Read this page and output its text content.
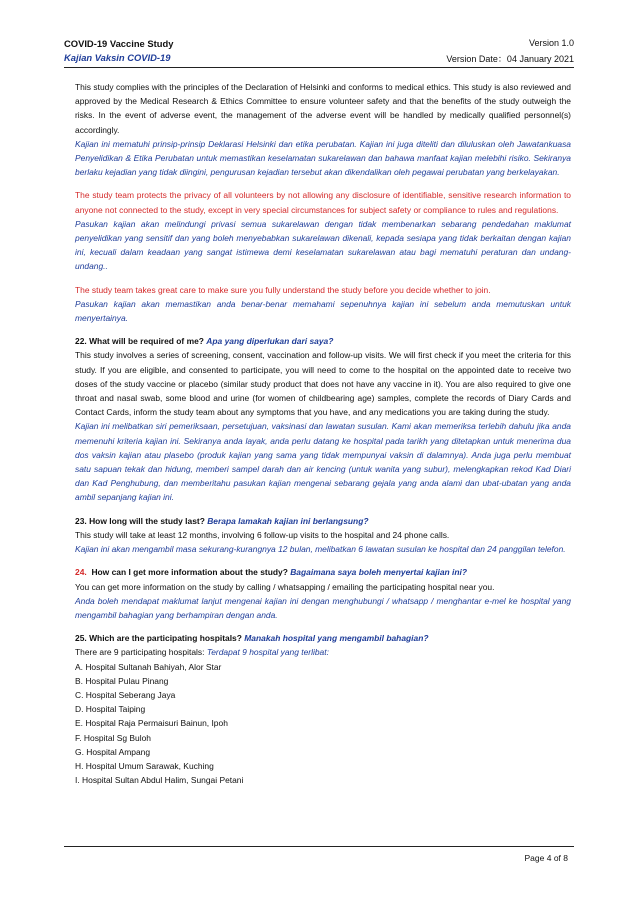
COVID-19 Vaccine Study
Kajian Vaksin COVID-19
Version 1.0
Version Date：04 January 2021

This study complies with the principles of the Declaration of Helsinki and conforms to medical ethics. This study is also reviewed and approved by the Medical Research & Ethics Committee to ensure volunteer safety and that the benefits of the study outweigh the risks. In the event of adverse event, the management of the adverse event will be handled by medically qualified personnel(s) accordingly.

Kajian ini mematuhi prinsip-prinsip Deklarasi Helsinki dan etika perubatan. Kajian ini juga diteliti dan diluluskan oleh Jawatankuasa Penyelidikan & Etika Perubatan untuk memastikan keselamatan sukarelawan dan bahawa manfaat kajian melebihi risiko. Sekiranya berlaku kejadian yang tidak diingini, pengurusan kejadian tersebut akan dikendalikan oleh pegawai perubatan yang berkelayakan.

The study team protects the privacy of all volunteers by not allowing any disclosure of identifiable, sensitive research information to anyone not connected to the study, except in very special circumstances for subject safety or compliance to rules and regulations.

Pasukan kajian akan melindungi privasi semua sukarelawan dengan tidak membenarkan sebarang pendedahan maklumat penyelidikan yang sensitif dan yang boleh menyebabkan sukarelawan dikenali, kepada sesiapa yang tidak berkaitan dengan kajian ini, kecuali dalam keadaan yang sangat istimewa demi keselamatan sukarelawan atau bagi mematuhi peraturan dan undang-undang..

The study team takes great care to make sure you fully understand the study before you decide whether to join.

Pasukan kajian akan memastikan anda benar-benar memahami sepenuhnya kajian ini sebelum anda memutuskan untuk menyertainya.

22. What will be required of me? Apa yang diperlukan dari saya?

This study involves a series of screening, consent, vaccination and follow-up visits. We will first check if you meet the criteria for this study. If you are eligible, and consented to participate, you will need to come to the hospital on the appointed date to receive two doses of the study vaccine or placebo (similar study product that does not have any vaccine in it). You are also required to give one throat and nasal swab, some blood and urine (for women of childbearing age) samples, complete the records of Diary Cards and Contact Cards, inform the study team about any symptoms that you have, and any medications you are taking during the study.

Kajian ini melibatkan siri pemeriksaan, persetujuan, vaksinasi dan lawatan susulan. Kami akan memeriksa terlebih dahulu jika anda memenuhi kriteria kajian ini. Sekiranya anda layak, anda perlu datang ke hospital pada tarikh yang ditetapkan untuk menerima dua dos vaksin kajian atau plasebo (produk kajian yang sama yang tidak mempunyai vaksin di dalamnya). Anda juga perlu membuat satu sapuan tekak dan hidung, memberi sampel darah dan air kencing (untuk wanita yang subur), melengkapkan rekod Kad Diari dan Kad Penghubung, dan memberitahu pasukan kajian mengenai sebarang gejala yang anda alami dan ubat-ubatan yang anda ambil sepanjang kajian ini.

23. How long will the study last? Berapa lamakah kajian ini berlangsung?

This study will take at least 12 months, involving 6 follow-up visits to the hospital and 24 phone calls.

Kajian ini akan mengambil masa sekurang-kurangnya 12 bulan, melibatkan 6 lawatan susulan ke hospital dan 24 panggilan telefon.

24. How can I get more information about the study? Bagaimana saya boleh menyertai kajian ini?

You can get more information on the study by calling / whatsapping / emailing the participating hospital near you.

Anda boleh mendapat maklumat lanjut mengenai kajian ini dengan menghubungi / whatsapp / menghantar e-mel ke hospital yang mengambil bahagian yang berhampiran dengan anda.

25. Which are the participating hospitals? Manakah hospital yang mengambil bahagian?

There are 9 participating hospitals: Terdapat 9 hospital yang terlibat:

A. Hospital Sultanah Bahiyah, Alor Star
B. Hospital Pulau Pinang
C. Hospital Seberang Jaya
D. Hospital Taiping
E. Hospital Raja Permaisuri Bainun, Ipoh
F. Hospital Sg Buloh
G. Hospital Ampang
H. Hospital Umum Sarawak, Kuching
I. Hospital Sultan Abdul Halim, Sungai Petani
Page 4 of 8
